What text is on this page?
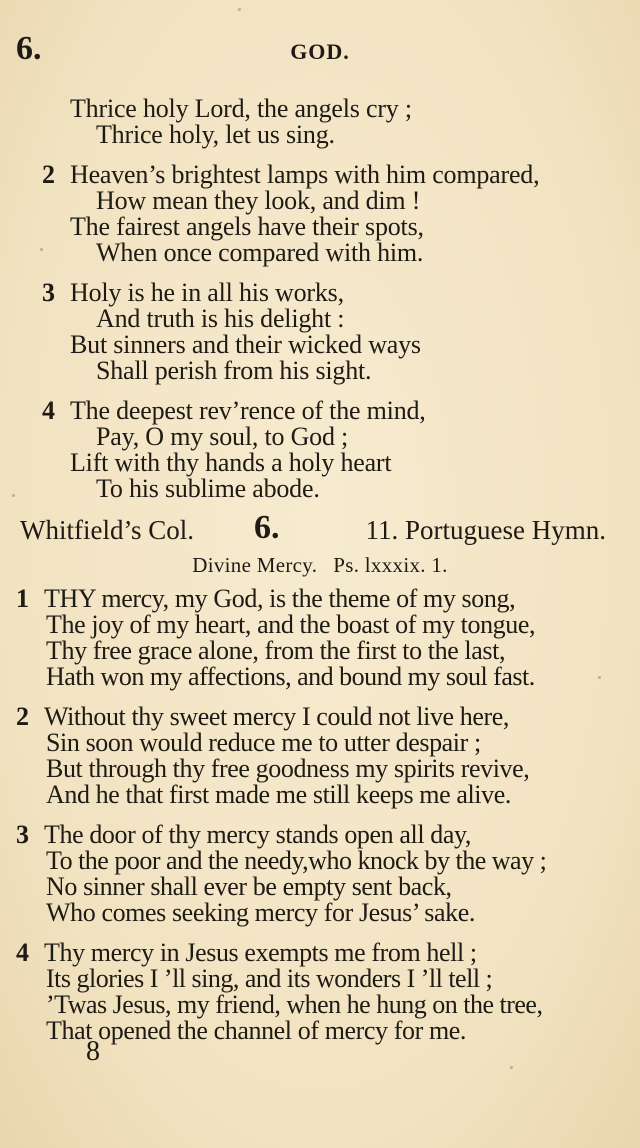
6.	GOD.
Thrice holy Lord, the angels cry ;
Thrice holy, let us sing.
2 Heaven’s brightest lamps with him compared,
How mean they look, and dim !
The fairest angels have their spots,
When once compared with him.
3 Holy is he in all his works,
And truth is his delight :
But sinners and their wicked ways
Shall perish from his sight.
4 The deepest rev’rence of the mind,
Pay, O my soul, to God ;
Lift with thy hands a holy heart
To his sublime abode.
Whitfield’s Col. 6.	11. Portuguese Hymn.
Divine Mercy. Ps. lxxxix. 1.
1 THY mercy, my God, is the theme of my song,
The joy of my heart, and the boast of my tongue,
Thy free grace alone, from the first to the last,
Hath won my affections, and bound my soul fast.
2 Without thy sweet mercy I could not live here,
Sin soon would reduce me to utter despair ;
But through thy free goodness my spirits revive,
And he that first made me still keeps me alive.
3 The door of thy mercy stands open all day,
To the poor and the needy,who knock by the way ;
No sinner shall ever be empty sent back,
Who comes seeking mercy for Jesus’ sake.
4 Thy mercy in Jesus exempts me from hell ;
Its glories I ’ll sing, and its wonders I ’ll tell ;
’Twas Jesus, my friend, when he hung on the tree,
That opened the channel of mercy for me.
8
